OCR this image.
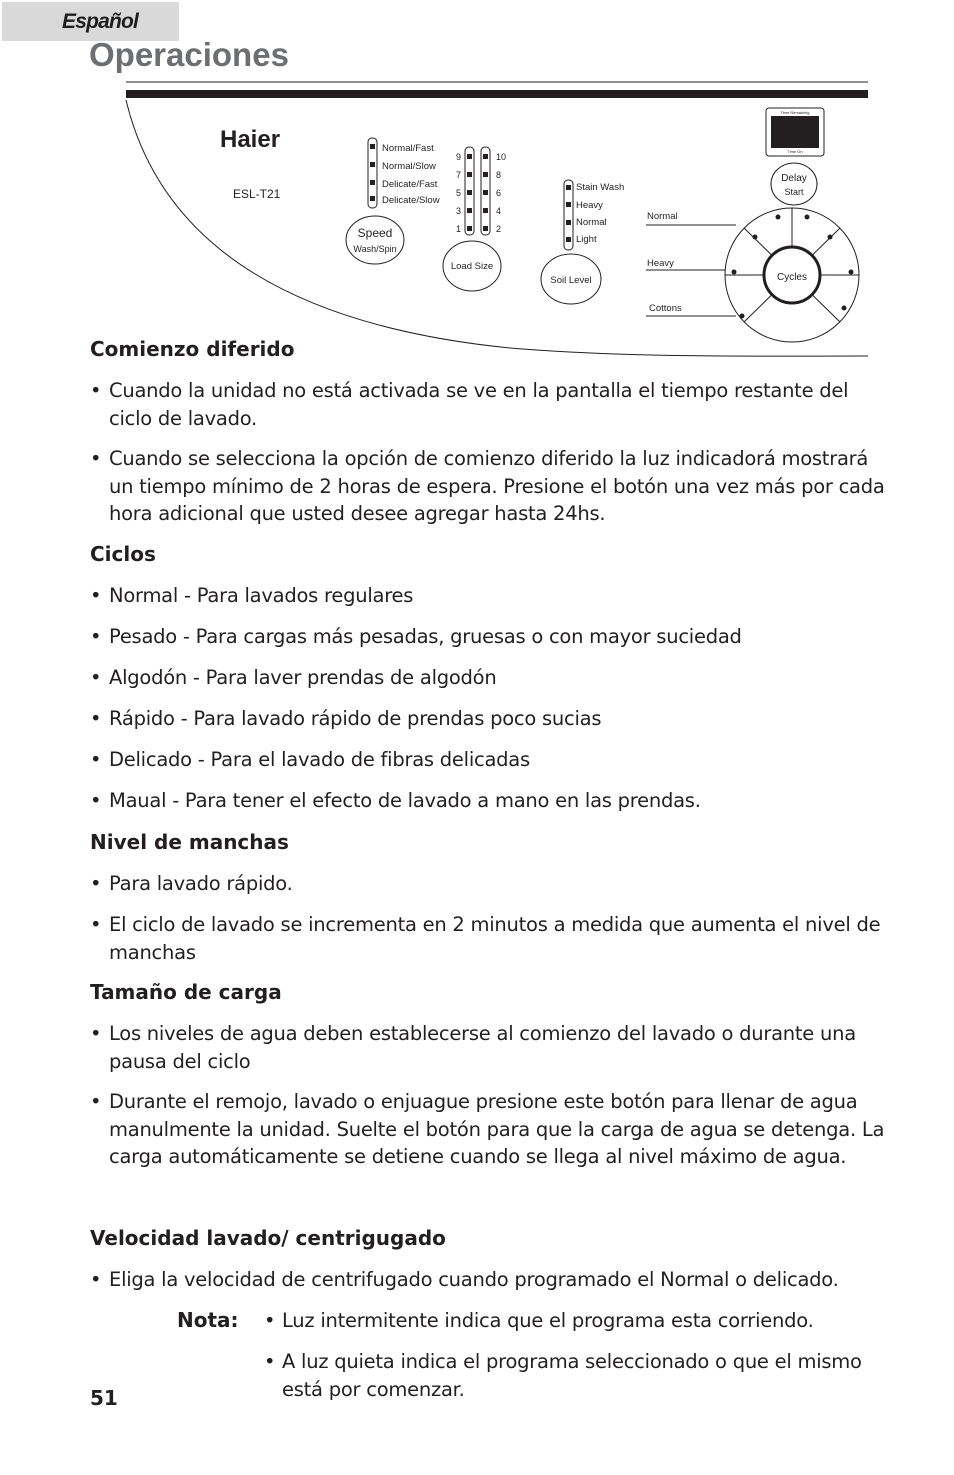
Español
Operaciones
Haier
ESL-T21
Normal/Fast
Normal/Slow
Delicate/Fast
Delicate/Slow
Speed
Wash/Spin
9
7
5
3
1
10
8
6
4
2
Load Size
Stain Wash
Heavy
Normal
Light
Soil Level
Time Remaining
Time On
Delay
Start
Normal
Heavy
Cottons
Cycles
Comienzo diferido

• Cuando la unidad no está activada se ve en la pantalla el tiempo restante del ciclo de lavado.

• Cuando se selecciona la opción de comienzo diferido la luz indicadorá mostrará un tiempo mínimo de 2 horas de espera. Presione el botón una vez más por cada hora adicional que usted desee agregar hasta 24hs.

Ciclos

• Normal - Para lavados regulares

• Pesado - Para cargas más pesadas, gruesas o con mayor suciedad

• Algodón - Para laver prendas de algodón

• Rápido - Para lavado rápido de prendas poco sucias

• Delicado - Para el lavado de fibras delicadas

• Maual - Para tener el efecto de lavado a mano en las prendas.

Nivel de manchas

• Para lavado rápido.

• El ciclo de lavado se incrementa en 2 minutos a medida que aumenta el nivel de manchas

Tamaño de carga

• Los niveles de agua deben establecerse al comienzo del lavado o durante una pausa del ciclo

• Durante el remojo, lavado o enjuague presione este botón para llenar de agua manulmente la unidad. Suelte el botón para que la carga de agua se detenga. La carga automáticamente se detiene cuando se llega al nivel máximo de agua.

Velocidad lavado/ centrigugado

• Eliga la velocidad de centrifugado cuando programado el Normal o delicado.

Nota: • Luz intermitente indica que el programa esta corriendo.

• A luz quieta indica el programa seleccionado o que el mismo está por comenzar.

51
